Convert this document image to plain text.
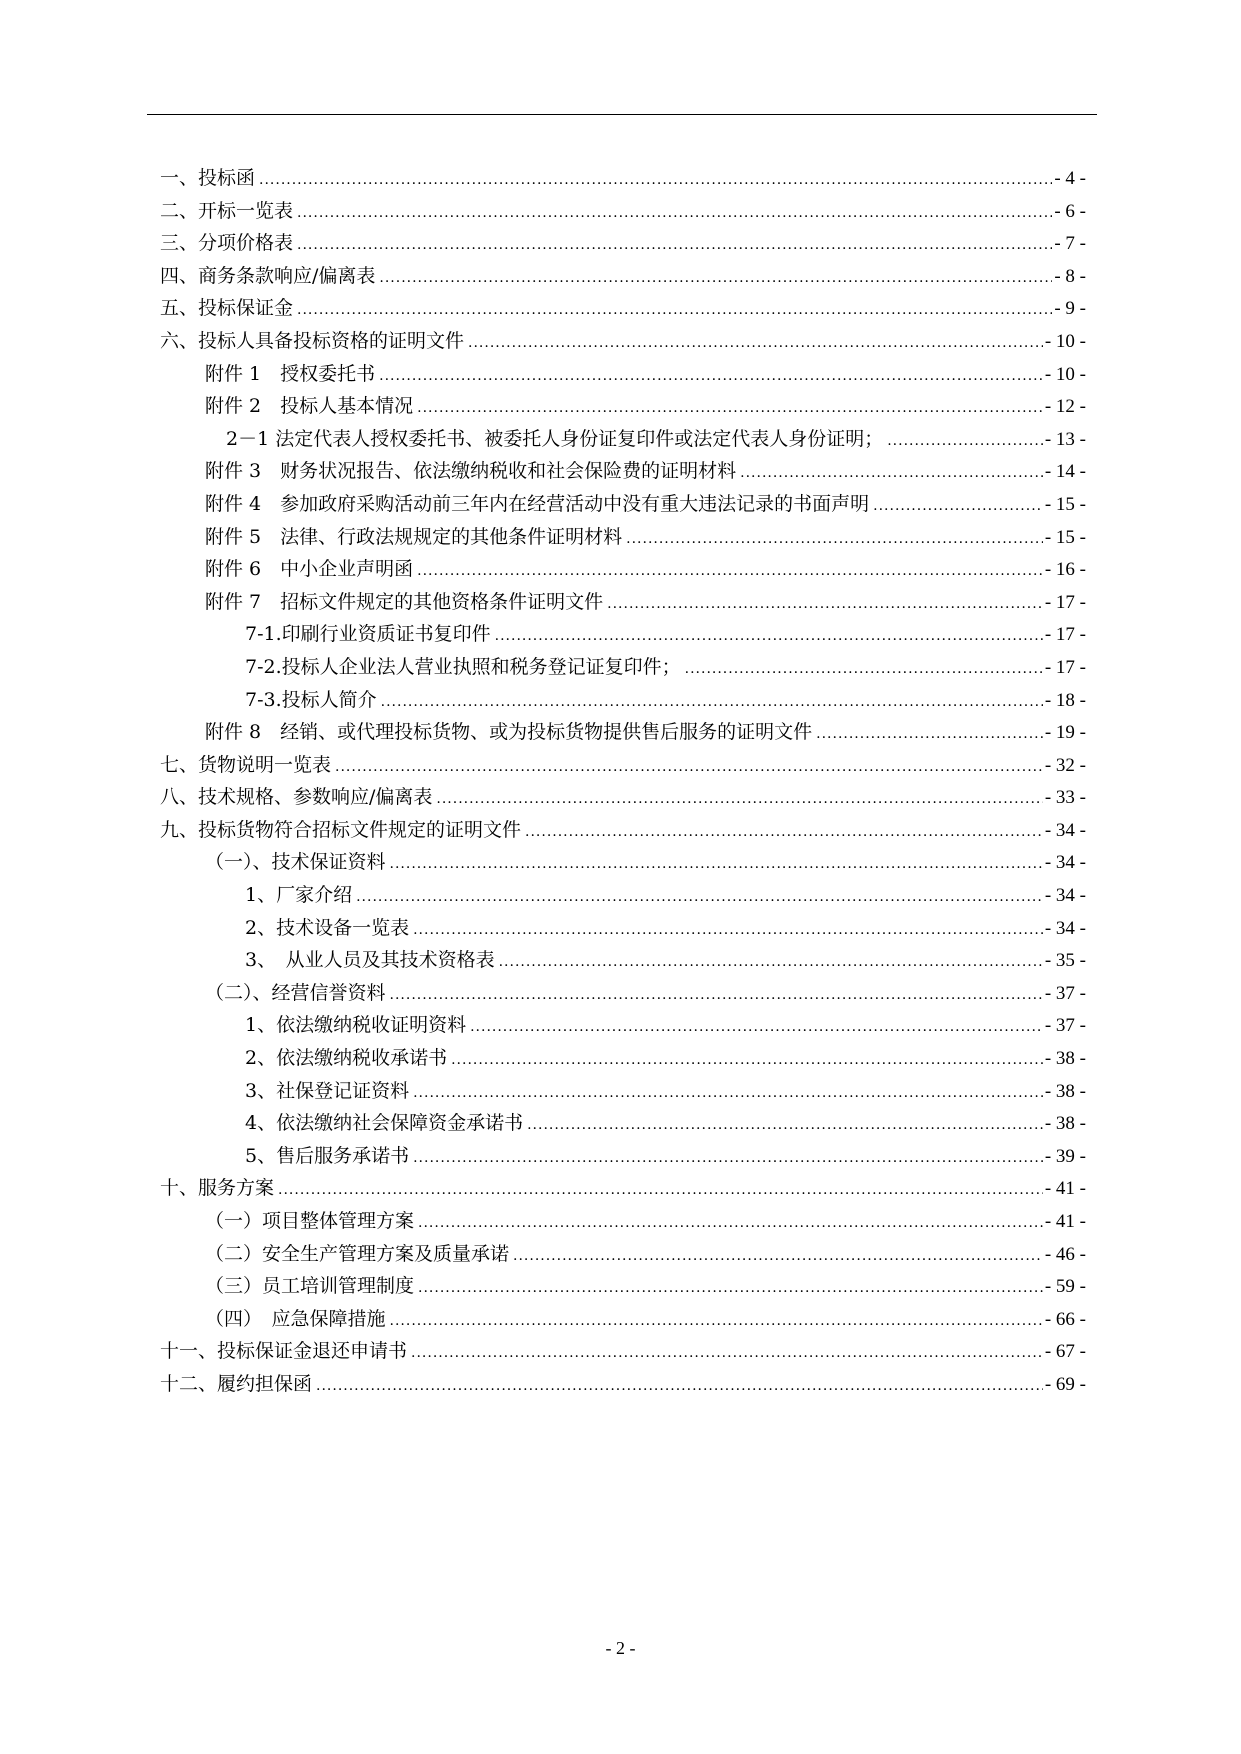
一、投标函 .....	- 4 -
二、开标一览表 .....	- 6 -
三、分项价格表 .....	- 7 -
四、商务条款响应/偏离表 .....	- 8 -
五、投标保证金 .....	- 9 -
六、投标人具备投标资格的证明文件 .....	- 10 -
附件 1　授权委托书 .....	- 10 -
附件 2　投标人基本情况 .....	- 12 -
2－1 法定代表人授权委托书、被委托人身份证复印件或法定代表人身份证明； .....	- 13 -
附件 3　财务状况报告、依法缴纳税收和社会保险费的证明材料 .....	- 14 -
附件 4　参加政府采购活动前三年内在经营活动中没有重大违法记录的书面声明 .....	- 15 -
附件 5　法律、行政法规规定的其他条件证明材料 .....	- 15 -
附件 6　中小企业声明函 .....	- 16 -
附件 7　招标文件规定的其他资格条件证明文件 .....	- 17 -
7-1.印刷行业资质证书复印件 .....	- 17 -
7-2.投标人企业法人营业执照和税务登记证复印件； .....	- 17 -
7-3.投标人简介 .....	- 18 -
附件 8　经销、或代理投标货物、或为投标货物提供售后服务的证明文件 .....	- 19 -
七、货物说明一览表 .....	- 32 -
八、技术规格、参数响应/偏离表 .....	- 33 -
九、投标货物符合招标文件规定的证明文件 .....	- 34 -
（一）、技术保证资料 .....	- 34 -
1、厂家介绍 .....	- 34 -
2、技术设备一览表 .....	- 34 -
3、　从业人员及其技术资格表 .....	- 35 -
（二）、经营信誉资料 .....	- 37 -
1、依法缴纳税收证明资料 .....	- 37 -
2、依法缴纳税收承诺书 .....	- 38 -
3、社保登记证资料 .....	- 38 -
4、依法缴纳社会保障资金承诺书 .....	- 38 -
5、售后服务承诺书 .....	- 39 -
十、服务方案 .....	- 41 -
（一）项目整体管理方案 .....	- 41 -
（二）安全生产管理方案及质量承诺 .....	- 46 -
（三）员工培训管理制度 .....	- 59 -
（四）　应急保障措施 .....	- 66 -
十一、投标保证金退还申请书 .....	- 67 -
十二、履约担保函 .....	- 69 -
- 2 -
